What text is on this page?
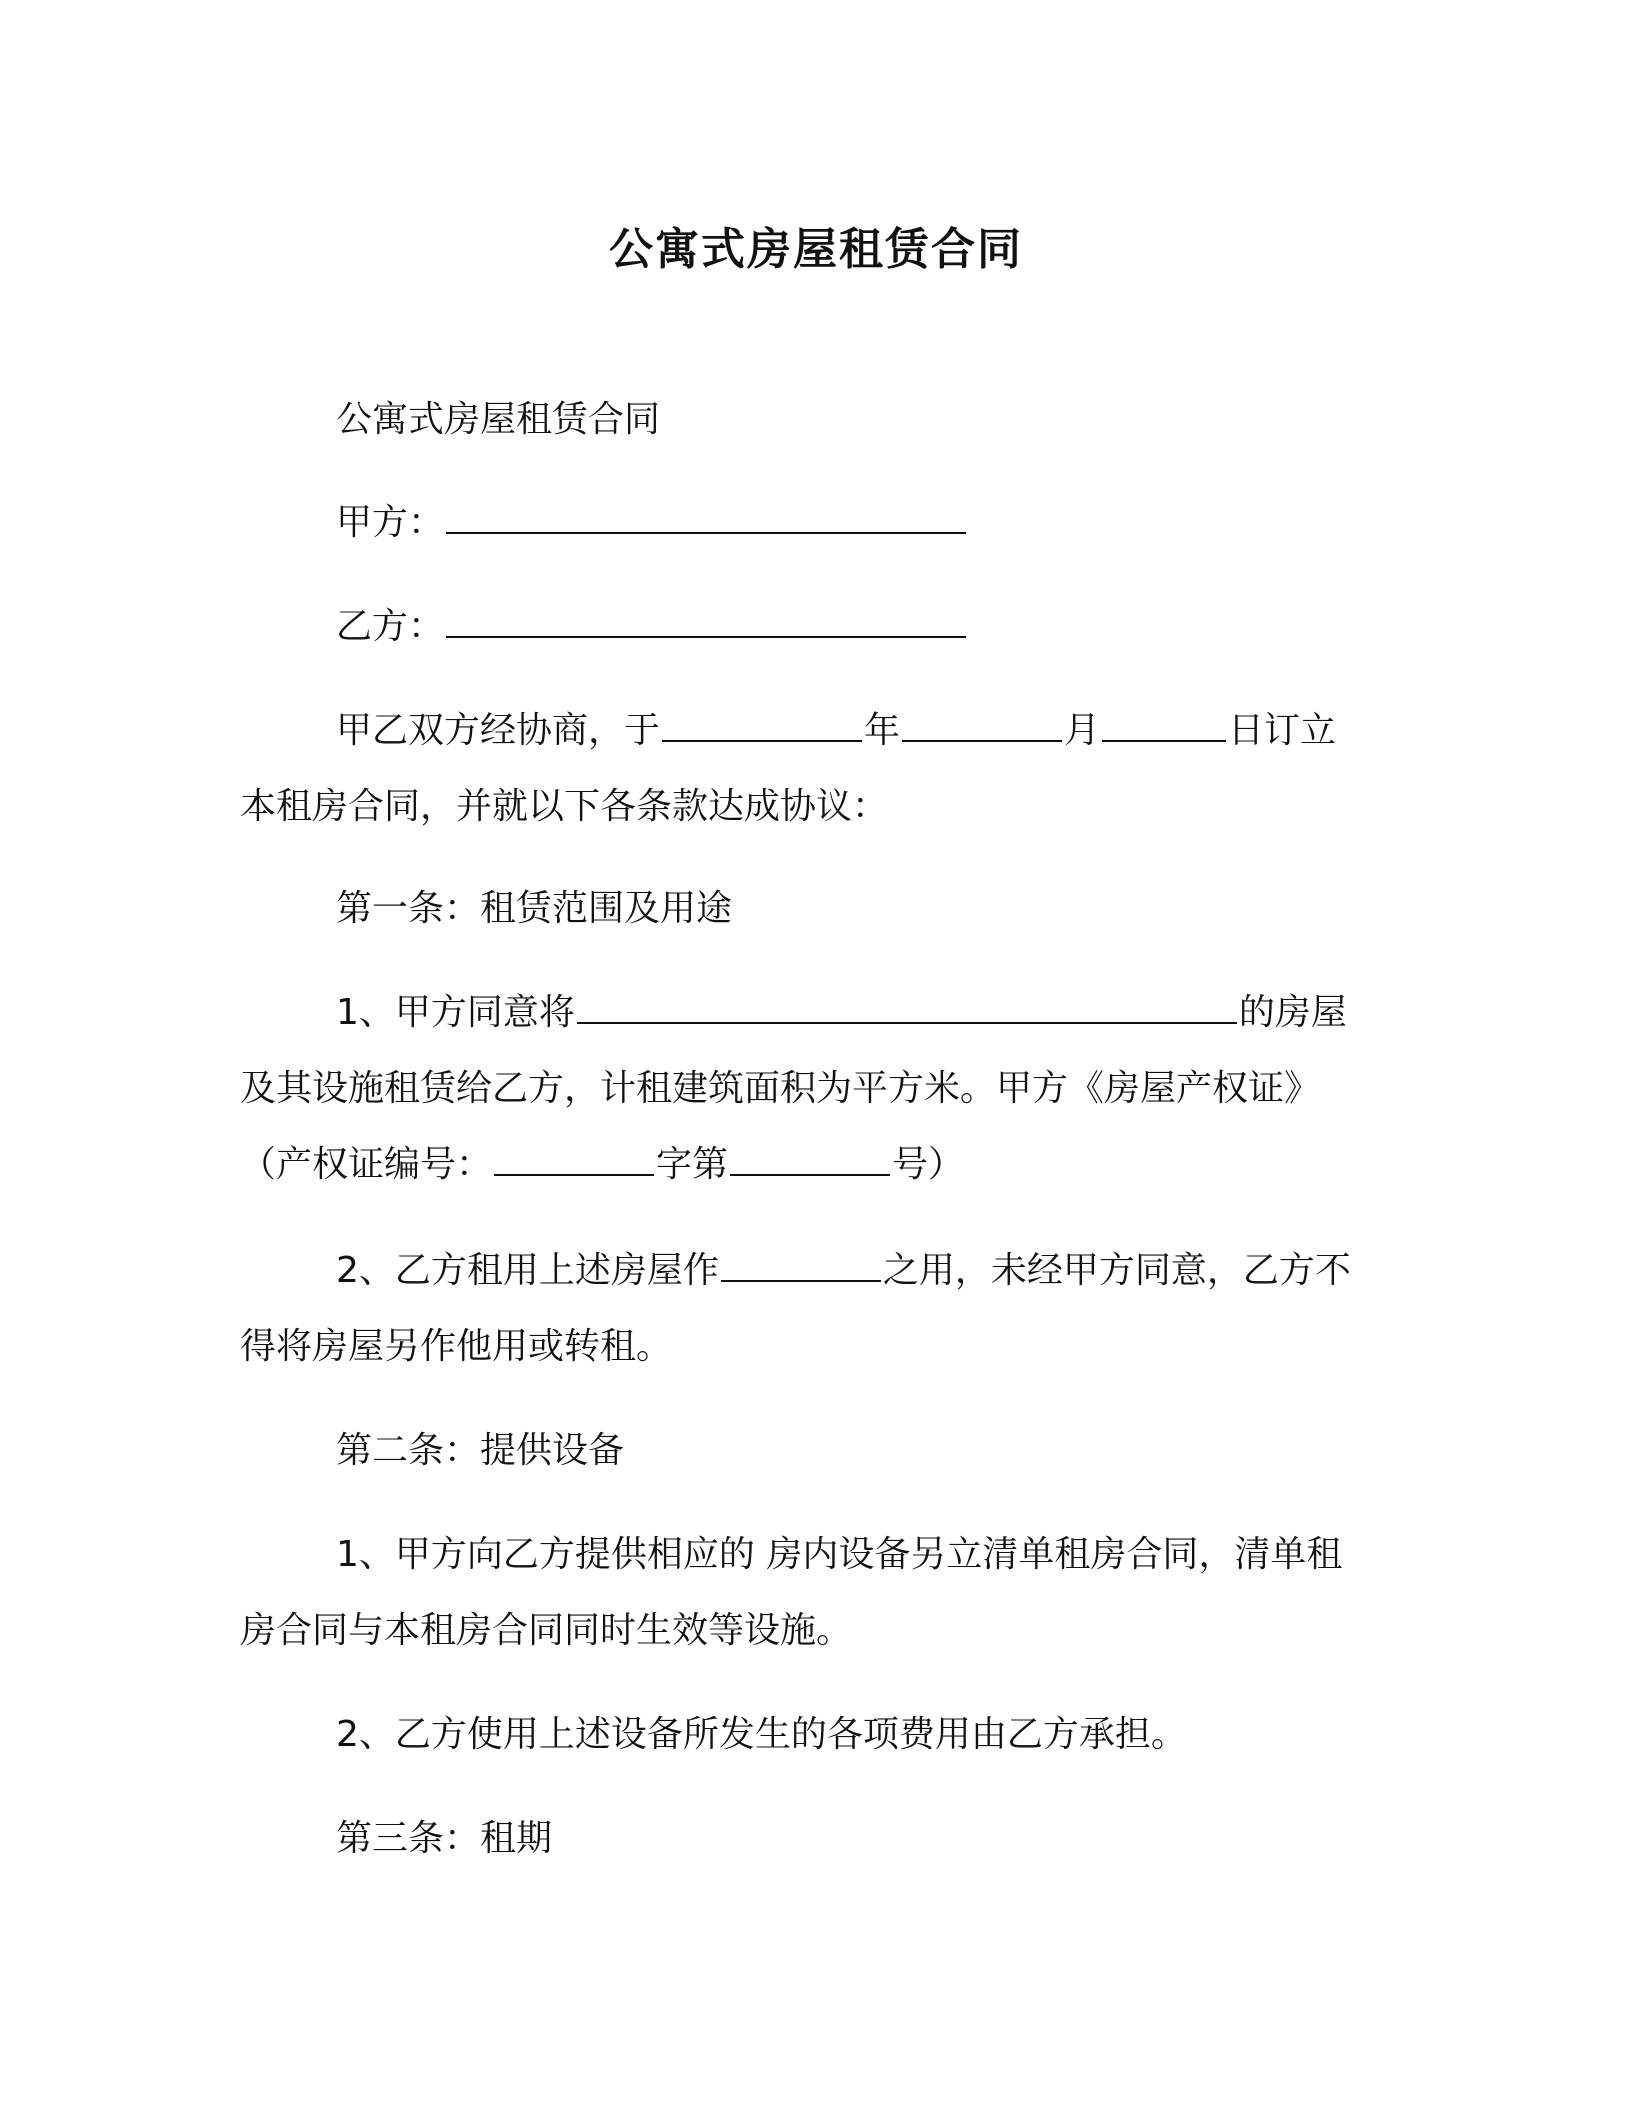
公寓式房屋租赁合同
公寓式房屋租赁合同
甲方：
乙方：
甲乙双方经协商，于	年	月	日订立
本租房合同，并就以下各条款达成协议：
第一条：租赁范围及用途
1、甲方同意将	的房屋
及其设施租赁给乙方，计租建筑面积为平方米。甲方《房屋产权证》
（产权证编号：	字第	号）
2、乙方租用上述房屋作	之用，未经甲方同意，乙方不
得将房屋另作他用或转租。
第二条：提供设备
1、甲方向乙方提供相应的 房内设备另立清单租房合同，清单租
房合同与本租房合同同时生效等设施。
2、乙方使用上述设备所发生的各项费用由乙方承担。
第三条：租期
